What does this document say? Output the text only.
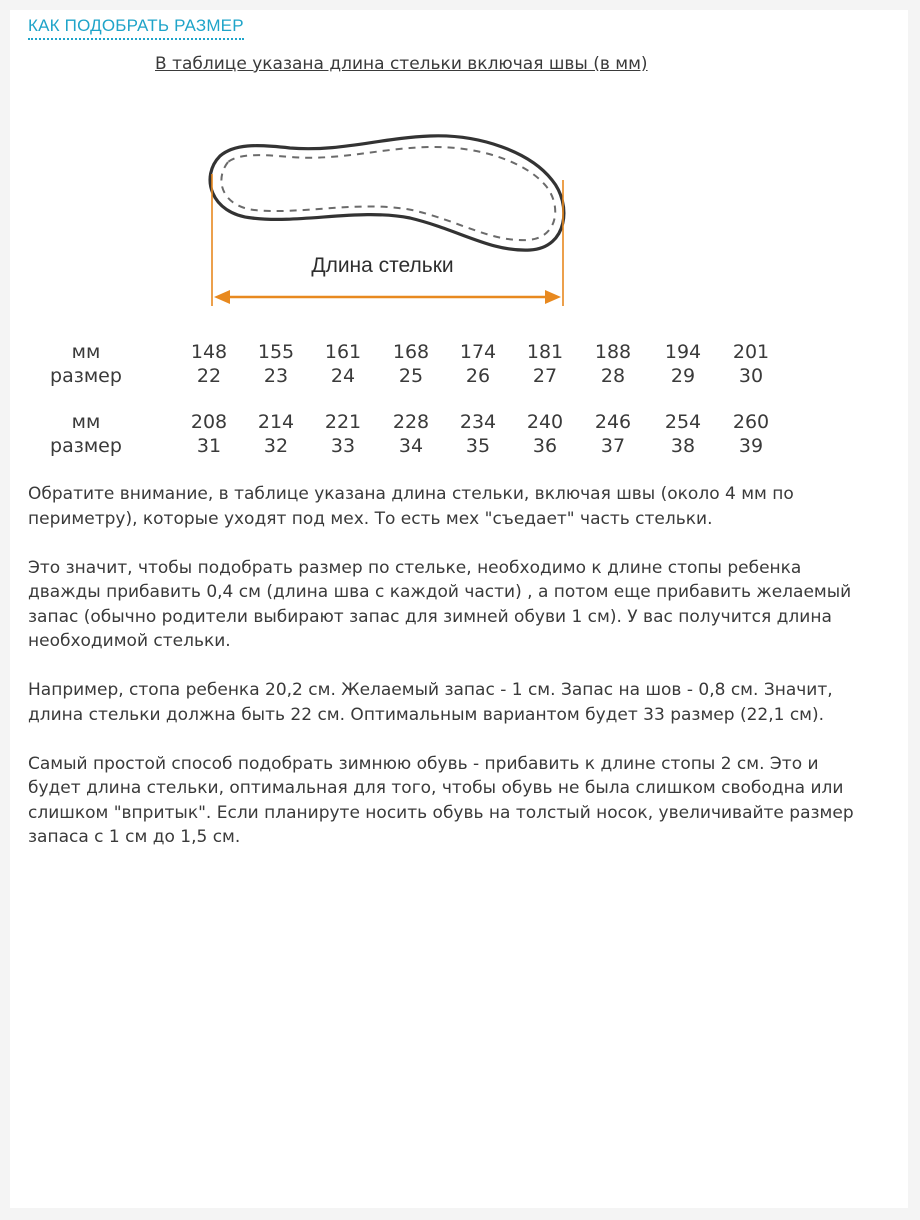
КАК ПОДОБРАТЬ РАЗМЕР
В таблице указана длина стельки включая швы (в мм)
Длина стельки
мм	148	155	161	168	174	181	188	194	201
размер	22	23	24	25	26	27	28	29	30
мм	208	214	221	228	234	240	246	254	260
размер	31	32	33	34	35	36	37	38	39

Обратите внимание, в таблице указана длина стельки, включая швы (около 4 мм по периметру), которые уходят под мех. То есть мех "съедает" часть стельки.

Это значит, чтобы подобрать размер по стельке, необходимо к длине стопы ребенка дважды прибавить 0,4 см (длина шва с каждой части) , а потом еще прибавить желаемый запас (обычно родители выбирают запас для зимней обуви 1 см). У вас получится длина необходимой стельки.

Например, стопа ребенка 20,2 см. Желаемый запас - 1 см. Запас на шов - 0,8 см. Значит, длина стельки должна быть 22 см. Оптимальным вариантом будет 33 размер (22,1 см).

Самый простой способ подобрать зимнюю обувь - прибавить к длине стопы 2 см. Это и будет длина стельки, оптимальная для того, чтобы обувь не была слишком свободна или слишком "впритык". Если планируте носить обувь на толстый носок, увеличивайте размер запаса с 1 см до 1,5 см.
